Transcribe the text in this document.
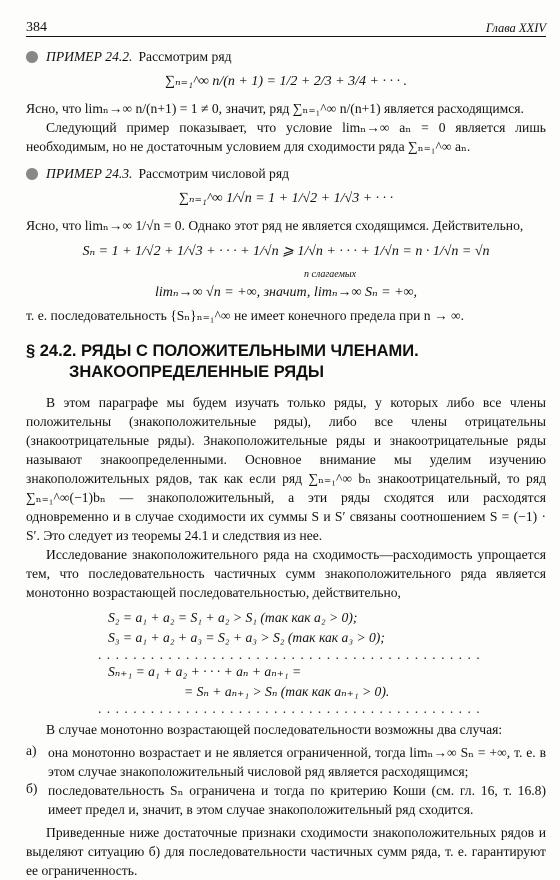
384	Глава XXIV
ПРИМЕР 24.2. Рассмотрим ряд
∑ₙ₌₁^∞ n/(n + 1) = 1/2 + 2/3 + 3/4 + · · · .

Ясно, что limₙ→∞ n/(n+1) = 1 ≠ 0, значит, ряд ∑ₙ₌₁^∞ n/(n+1) является расходящимся.

Следующий пример показывает, что условие limₙ→∞ aₙ = 0 является лишь необходимым, но не достаточным условием для сходимости ряда ∑ₙ₌₁^∞ aₙ.

ПРИМЕР 24.3. Рассмотрим числовой ряд
∑ₙ₌₁^∞ 1/√n = 1 + 1/√2 + 1/√3 + · · ·

Ясно, что limₙ→∞ 1/√n = 0. Однако этот ряд не является сходящимся. Действительно,

Sₙ = 1 + 1/√2 + 1/√3 + · · · + 1/√n ⩾ 1/√n + · · · + 1/√n = n · 1/√n = √n
n слагаемых
limₙ→∞ √n = +∞, значит, limₙ→∞ Sₙ = +∞,

т. е. последовательность {Sₙ}ₙ₌₁^∞ не имеет конечного предела при n → ∞.

§ 24.2. РЯДЫ С ПОЛОЖИТЕЛЬНЫМИ ЧЛЕНАМИ.
ЗНАКООПРЕДЕЛЕННЫЕ РЯДЫ

В этом параграфе мы будем изучать только ряды, у которых либо все члены положительны (знакоположительные ряды), либо все члены отрицательны (знакоотрицательные ряды). Знакоположительные ряды и знакоотрицательные ряды называют знакоопределенными. Основное внимание мы уделим изучению знакоположительных рядов, так как если ряд ∑ₙ₌₁^∞ bₙ знакоотрицательный, то ряд ∑ₙ₌₁^∞(−1)bₙ — знакоположительный, а эти ряды сходятся или расходятся одновременно и в случае сходимости их суммы S и S′ связаны соотношением S = (−1) · S′. Это следует из теоремы 24.1 и следствия из нее.

Исследование знакоположительного ряда на сходимость—расходимость упрощается тем, что последовательность частичных сумм знакоположительного ряда является монотонно возрастающей последовательностью, действительно,

S₂ = a₁ + a₂ = S₁ + a₂ > S₁ (так как a₂ > 0);
S₃ = a₁ + a₂ + a₃ = S₂ + a₃ > S₂ (так как a₃ > 0);
. . . . . . . . . . . . . . . . . . . . . . . . . . . . . . . . . . . . . . . . . . . .
Sₙ₊₁ = a₁ + a₂ + · · · + aₙ + aₙ₊₁ =
= Sₙ + aₙ₊₁ > Sₙ (так как aₙ₊₁ > 0).
. . . . . . . . . . . . . . . . . . . . . . . . . . . . . . . . . . . . . . . . . . . .

В случае монотонно возрастающей последовательности возможны два случая:

а) она монотонно возрастает и не является ограниченной, тогда limₙ→∞ Sₙ = +∞, т. е. в этом случае знакоположительный числовой ряд является расходящимся;

б) последовательность Sₙ ограничена и тогда по критерию Коши (см. гл. 16, т. 16.8) имеет предел и, значит, в этом случае знакоположительный ряд сходится.

Приведенные ниже достаточные признаки сходимости знакоположительных рядов и выделяют ситуацию б) для последовательности частичных сумм ряда, т. е. гарантируют ее ограниченность.
